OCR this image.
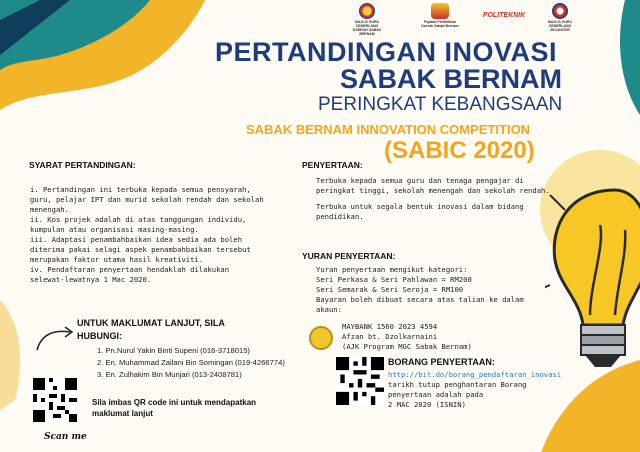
MAJLIS GURU CEMERLANG DAERAH SABAK BERNAM
Pejabat Pendidikan Daerah Sabak Bernam
POLITEKNIK
MAJLIS GURU CEMERLANG SELANGOR
PERTANDINGAN INOVASI
SABAK BERNAM
PERINGKAT KEBANGSAAN
SABAK BERNAM INNOVATION COMPETITION
(SABIC 2020)
SYARAT PERTANDINGAN:
i. Pertandingan ini terbuka kepada semua pensyarah,
guru, pelajar IPT dan murid sekolah rendah dan sekolah
menengah.
ii. Kos projek adalah di atas tanggungan individu,
kumpulan atau organisasi masing-masing.
iii. Adaptasi penambahbaikan idea sedia ada boleh
diterima pakai selagi aspek penambahbaikan tersebut
merupakan faktor utama hasil kreativiti.
iv. Pendaftaran penyertaan hendaklah dilakukan
selewat-lewatnya 1 Mac 2020.
UNTUK MAKLUMAT LANJUT, SILA
HUBUNGI:
1. Pn.Nurul Yakin Binti Supeni (016-3718015)
2. En. Muhammad Zailani Bin Somingan (019-4266774)
3. En. Zulhakim Bin Munjari (013-2408781)
Sila imbas QR code ini untuk mendapatkan
maklumat lanjut
Scan me
PENYERTAAN:
Terbuka kepada semua guru dan tenaga pengajar di
peringkat tinggi, sekolah menengah dan sekolah rendah.
Terbuka untuk segala bentuk inovasi dalam bidang
pendidikan.
YURAN PENYERTAAN:
Yuran penyertaan mengikut kategori:
Seri Perkasa & Seri Pahlawan = RM200
Seri Semarak & Seri Seroja = RM100
Bayaran boleh dibuat secara atas talian ke dalam
akaun:
MAYBANK 1560 2023 4594
Afzan bt. Dzolkarnaini
(AJK Program MGC Sabak Bernam)
BORANG PENYERTAAN:
http://bit.do/borang_pendaftaran_inovasi
tarikh tutup penghantaran Borang
penyertaan adalah pada
2 MAC 2020 (ISNIN)
